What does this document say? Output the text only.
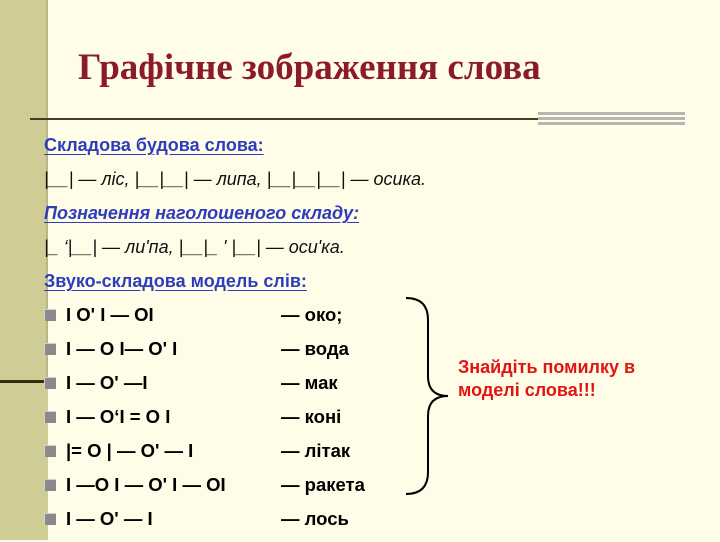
Графічне зображення слова
Складова будова слова:
|__| — ліс, |__|__| — липа, |__|__|__| — осика.
Позначення наголошеного складу:
|_ ‘|__| — ли'па, |__|_ ' |__| — оси'ка.
Звуко-складова модель слів:
I O' I — OI	— око;
I — O I— O' I	— вода
I — O' —I	— мак
I — O‘I = O I	— коні
|= O | — O' — I	— літак
I —O I — O' I — OI	— ракета
I — O' — I	— лось
Знайдіть помилку в моделі слова!!!
